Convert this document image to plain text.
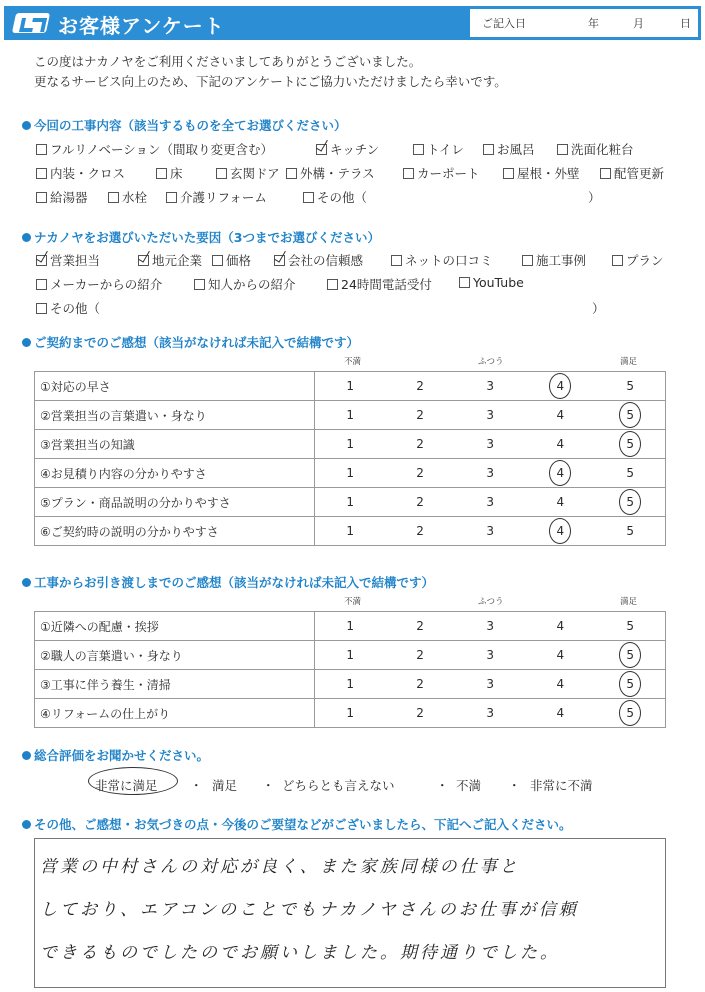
お客様アンケート	ご記入日	年	月	日
この度はナカノヤをご利用くださいましてありがとうございました。
更なるサービス向上のため、下記のアンケートにご協力いただけましたら幸いです。
今回の工事内容（該当するものを全てお選びください）
フルリノベーション（間取り変更含む）	キッチン	トイレ	お風呂	洗面化粧台
内装・クロス	床	玄関ドア	外構・テラス	カーポート	屋根・外壁	配管更新
給湯器	水栓	介護リフォーム	その他（	）
ナカノヤをお選びいただいた要因（3つまでお選びください）
営業担当	地元企業	価格	会社の信頼感	ネットの口コミ	施工事例	プラン
メーカーからの紹介	知人からの紹介	24時間電話受付	YouTube
その他（	）
ご契約までのご感想（該当がなければ未記入で結構です）
不満	ふつう	満足
①対応の早さ	1	2	3	4	5
②営業担当の言葉遣い・身なり	1	2	3	4	5
③営業担当の知識	1	2	3	4	5
④お見積り内容の分かりやすさ	1	2	3	4	5
⑤プラン・商品説明の分かりやすさ	1	2	3	4	5
⑥ご契約時の説明の分かりやすさ	1	2	3	4	5
工事からお引き渡しまでのご感想（該当がなければ未記入で結構です）
不満	ふつう	満足
①近隣への配慮・挨拶	1	2	3	4	5
②職人の言葉遣い・身なり	1	2	3	4	5
③工事に伴う養生・清掃	1	2	3	4	5
④リフォームの仕上がり	1	2	3	4	5
総合評価をお聞かせください。
非常に満足	満足	どちらとも言えない	不満	非常に不満
・	・	・	・
その他、ご感想・お気づきの点・今後のご要望などがございましたら、下記へご記入ください。
営業の中村さんの対応が良く、また家族同様の仕事と
しており、エアコンのことでもナカノヤさんのお仕事が信頼
できるものでしたのでお願いしました。期待通りでした。
